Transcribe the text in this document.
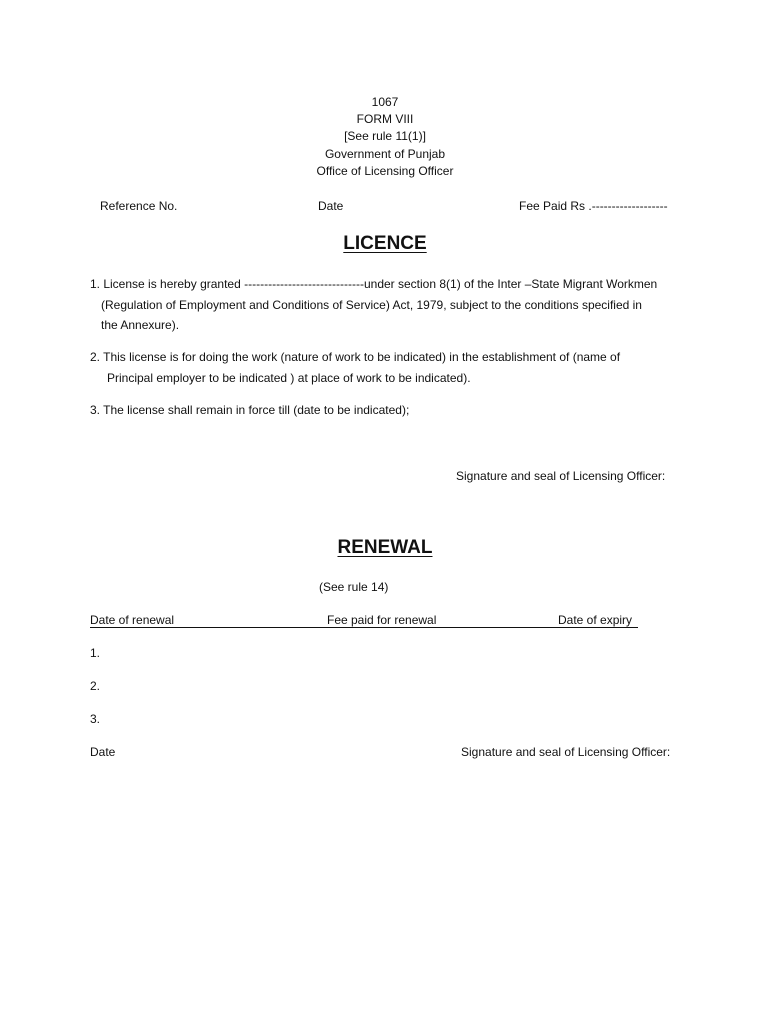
1067
FORM VIII
[See rule 11(1)]
Government of Punjab
Office of Licensing Officer
Reference No.	Date	Fee Paid Rs .-------------------
LICENCE
1. License is hereby granted ------------------------------under section 8(1) of the Inter –State Migrant Workmen
(Regulation of Employment and Conditions of Service) Act, 1979, subject to the conditions specified in
the Annexure).
2. This license is for doing the work (nature of work to be indicated) in the establishment of (name of
Principal employer to be indicated ) at place of work to be indicated).
3. The license shall remain in force till (date to be indicated);
Signature and seal of Licensing Officer:
RENEWAL
(See rule 14)
Date of renewal	Fee paid for renewal	Date of expiry
1.
2.
3.
Date	Signature and seal of Licensing Officer:
